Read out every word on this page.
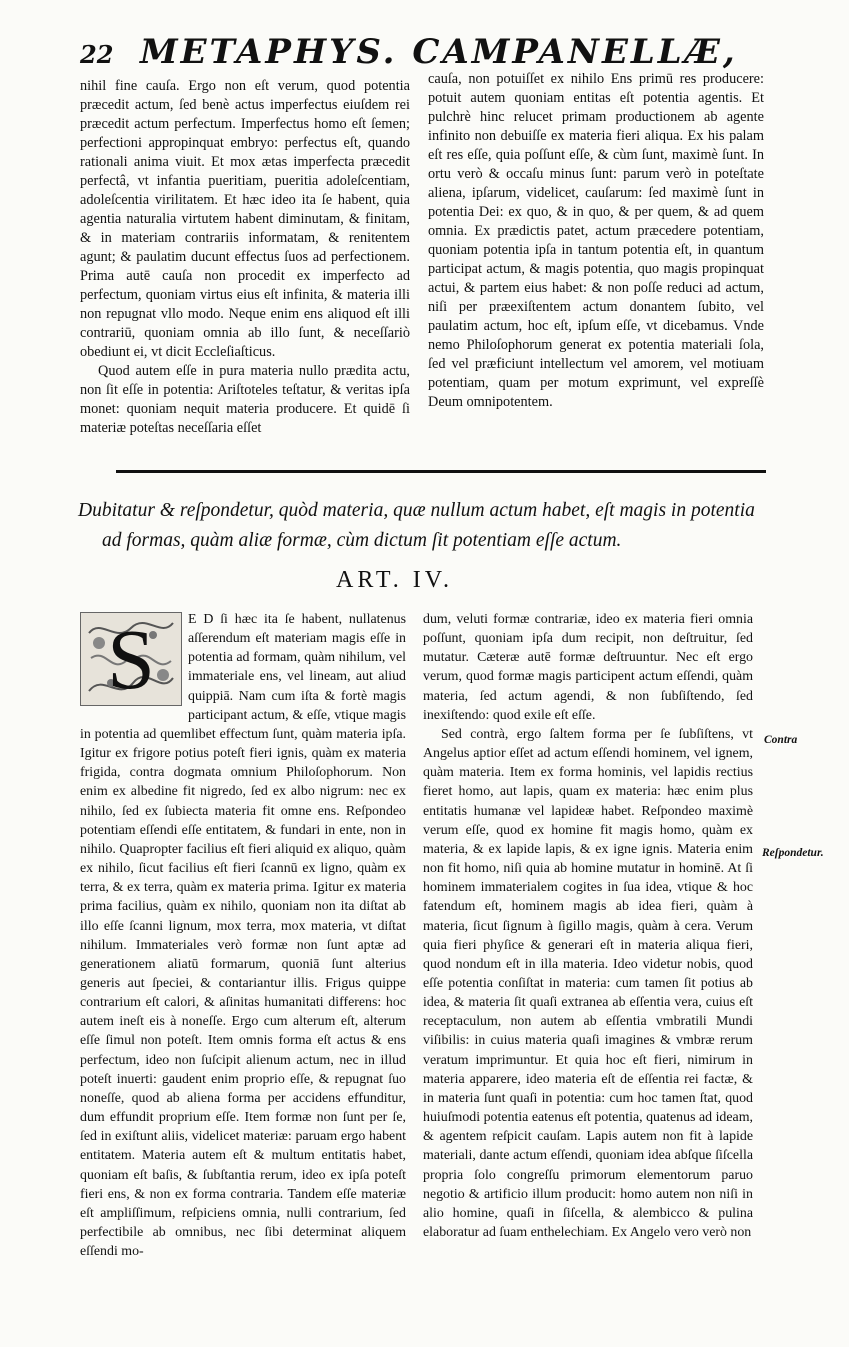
22 METAPHYS. CAMPANELLÆ,

nihil fine cauſa. Ergo non eſt verum, quod potentia præcedit actum, ſed benè actus imperfectus eiuſdem rei præcedit actum perfectum. Imperfectus homo eſt ſemen; perfectioni appropinquat embryo: perfectus eſt, quando rationali anima viuit. Et mox ætas imperfecta præcedit perfectâ, vt infantia pueritiam, pueritia adoleſcentiam, adoleſcentia virilitatem. Et hæc ideo ita ſe habent, quia agentia naturalia virtutem habent diminutam, & finitam, & in materiam contrariis informatam, & renitentem agunt; & paulatim ducunt effectus ſuos ad perfectionem. Prima autē cauſa non procedit ex imperfecto ad perfectum, quoniam virtus eius eſt infinita, & materia illi non repugnat vllo modo. Neque enim ens aliquod eſt illi contrariū, quoniam omnia ab illo ſunt, & neceſſariò obediunt ei, vt dicit Eccleſiaſticus.

Quod autem eſſe in pura materia nullo prædita actu, non ſit eſſe in potentia: Ariſtoteles teſtatur, & veritas ipſa monet: quoniam nequit materia producere. Et quidē ſi materiæ poteſtas neceſſaria eſſet

cauſa, non potuiſſet ex nihilo Ens primū res producere: potuit autem quoniam entitas eſt potentia agentis. Et pulchrè hinc relucet primam productionem ab agente infinito non debuiſſe ex materia fieri aliqua. Ex his palam eſt res eſſe, quia poſſunt eſſe, & cùm ſunt, maximè ſunt. In ortu verò & occaſu minus ſunt: parum verò in poteſtate aliena, ipſarum, videlicet, cauſarum: ſed maximè ſunt in potentia Dei: ex quo, & in quo, & per quem, & ad quem omnia. Ex prædictis patet, actum præcedere potentiam, quoniam potentia ipſa in tantum potentia eſt, in quantum participat actum, & magis potentia, quo magis propinquat actui, & partem eius habet: & non poſſe reduci ad actum, niſi per præexiſtentem actum donantem ſubito, vel paulatim actum, hoc eſt, ipſum eſſe, vt dicebamus. Vnde nemo Philoſophorum generat ex potentia materiali ſola, ſed vel præficiunt intellectum vel amorem, vel motiuam potentiam, quam per motum exprimunt, vel expreſſè Deum omnipotentem.

Dubitatur & reſpondetur, quòd materia, quæ nullum actum habet, eſt magis in potentia
ad formas, quàm aliæ formæ, cùm dictum ſit potentiam eſſe actum.
ART. IV.
S	E D ſi hæc ita ſe habent, nullatenus aſſerendum eſt materiam magis eſſe in potentia ad formam, quàm nihilum, vel immateriale ens, vel lineam, aut aliud quippiā. Nam cum iſta & fortè magis participant actum, & eſſe, vtique magis in potentia ad quemlibet effectum ſunt, quàm materia ipſa. Igitur ex frigore potius poteſt fieri ignis, quàm ex materia frigida, contra dogmata omnium Philoſophorum. Non enim ex albedine fit nigredo, ſed ex albo nigrum: nec ex nihilo, ſed ex ſubiecta materia fit omne ens. Reſpondeo potentiam eſſendi eſſe entitatem, & fundari in ente, non in nihilo. Quapropter facilius eſt fieri aliquid ex aliquo, quàm ex nihilo, ſicut facilius eſt fieri ſcannū ex ligno, quàm ex terra, & ex terra, quàm ex materia prima. Igitur ex materia prima facilius, quàm ex nihilo, quoniam non ita diſtat ab illo eſſe ſcanni lignum, mox terra, mox materia, vt diſtat nihilum. Immateriales verò formæ non ſunt aptæ ad generationem aliatū formarum, quoniā ſunt alterius generis aut ſpeciei, & contariantur illis. Frigus quippe contrarium eſt calori, & aſinitas humanitati differens: hoc autem ineſt eis à noneſſe. Ergo cum alterum eſt, alterum eſſe ſimul non poteſt. Item omnis forma eſt actus & ens perfectum, ideo non ſuſcipit alienum actum, nec in illud poteſt inuerti: gaudent enim proprio eſſe, & repugnat ſuo noneſſe, quod ab aliena forma per accidens effunditur, dum effundit proprium eſſe. Item formæ non ſunt per ſe, ſed in exiſtunt aliis, videlicet materiæ: paruam ergo habent entitatem. Materia autem eſt & multum entitatis habet, quoniam eſt baſis, & ſubſtantia rerum, ideo ex ipſa poteſt fieri ens, & non ex forma contraria. Tandem eſſe materiæ eſt ampliſſimum, reſpiciens omnia, nulli contrarium, ſed perfectibile ab omnibus, nec ſibi determinat aliquem eſſendi mo-

dum, veluti formæ contrariæ, ideo ex materia fieri omnia poſſunt, quoniam ipſa dum recipit, non deſtruitur, ſed mutatur. Cæteræ autē formæ deſtruuntur. Nec eſt ergo verum, quod formæ magis participent actum eſſendi, quàm materia, ſed actum agendi, & non ſubſiſtendo, ſed inexiſtendo: quod exile eſt eſſe.

Sed contrà, ergo ſaltem forma per ſe ſubſiſtens, vt Angelus aptior eſſet ad actum eſſendi hominem, vel ignem, quàm materia. Item ex forma hominis, vel lapidis rectius fieret homo, aut lapis, quam ex materia: hæc enim plus entitatis humanæ vel lapideæ habet. Reſpondeo maximè verum eſſe, quod ex homine fit magis homo, quàm ex materia, & ex lapide lapis, & ex igne ignis. Materia enim non fit homo, niſi quia ab homine mutatur in hominē. At ſi hominem immaterialem cogites in ſua idea, vtique & hoc fatendum eſt, hominem magis ab idea fieri, quàm à materia, ſicut ſignum à ſigillo magis, quàm à cera. Verum quia fieri phyſice & generari eſt in materia aliqua fieri, quod nondum eſt in illa materia. Ideo videtur nobis, quod eſſe potentia conſiſtat in materia: cum tamen ſit potius ab idea, & materia ſit quaſi extranea ab eſſentia vera, cuius eſt receptaculum, non autem ab eſſentia vmbratili Mundi viſibilis: in cuius materia quaſi imagines & vmbræ rerum veratum imprimuntur. Et quia hoc eſt fieri, nimirum in materia apparere, ideo materia eſt de eſſentia rei factæ, & in materia ſunt quaſi in potentia: cum hoc tamen ſtat, quod huiuſmodi potentia eatenus eſt potentia, quatenus ad ideam, & agentem reſpicit cauſam. Lapis autem non fit à lapide materiali, dante actum eſſendi, quoniam idea abſque ſiſcella propria ſolo congreſſu primorum elementorum paruo negotio & artificio illum producit: homo autem non niſi in alio homine, quaſi in ſiſcella, & alembicco & pulina elaboratur ad ſuam enthelechiam. Ex Angelo vero verò non

Contra
Reſpondetur.
